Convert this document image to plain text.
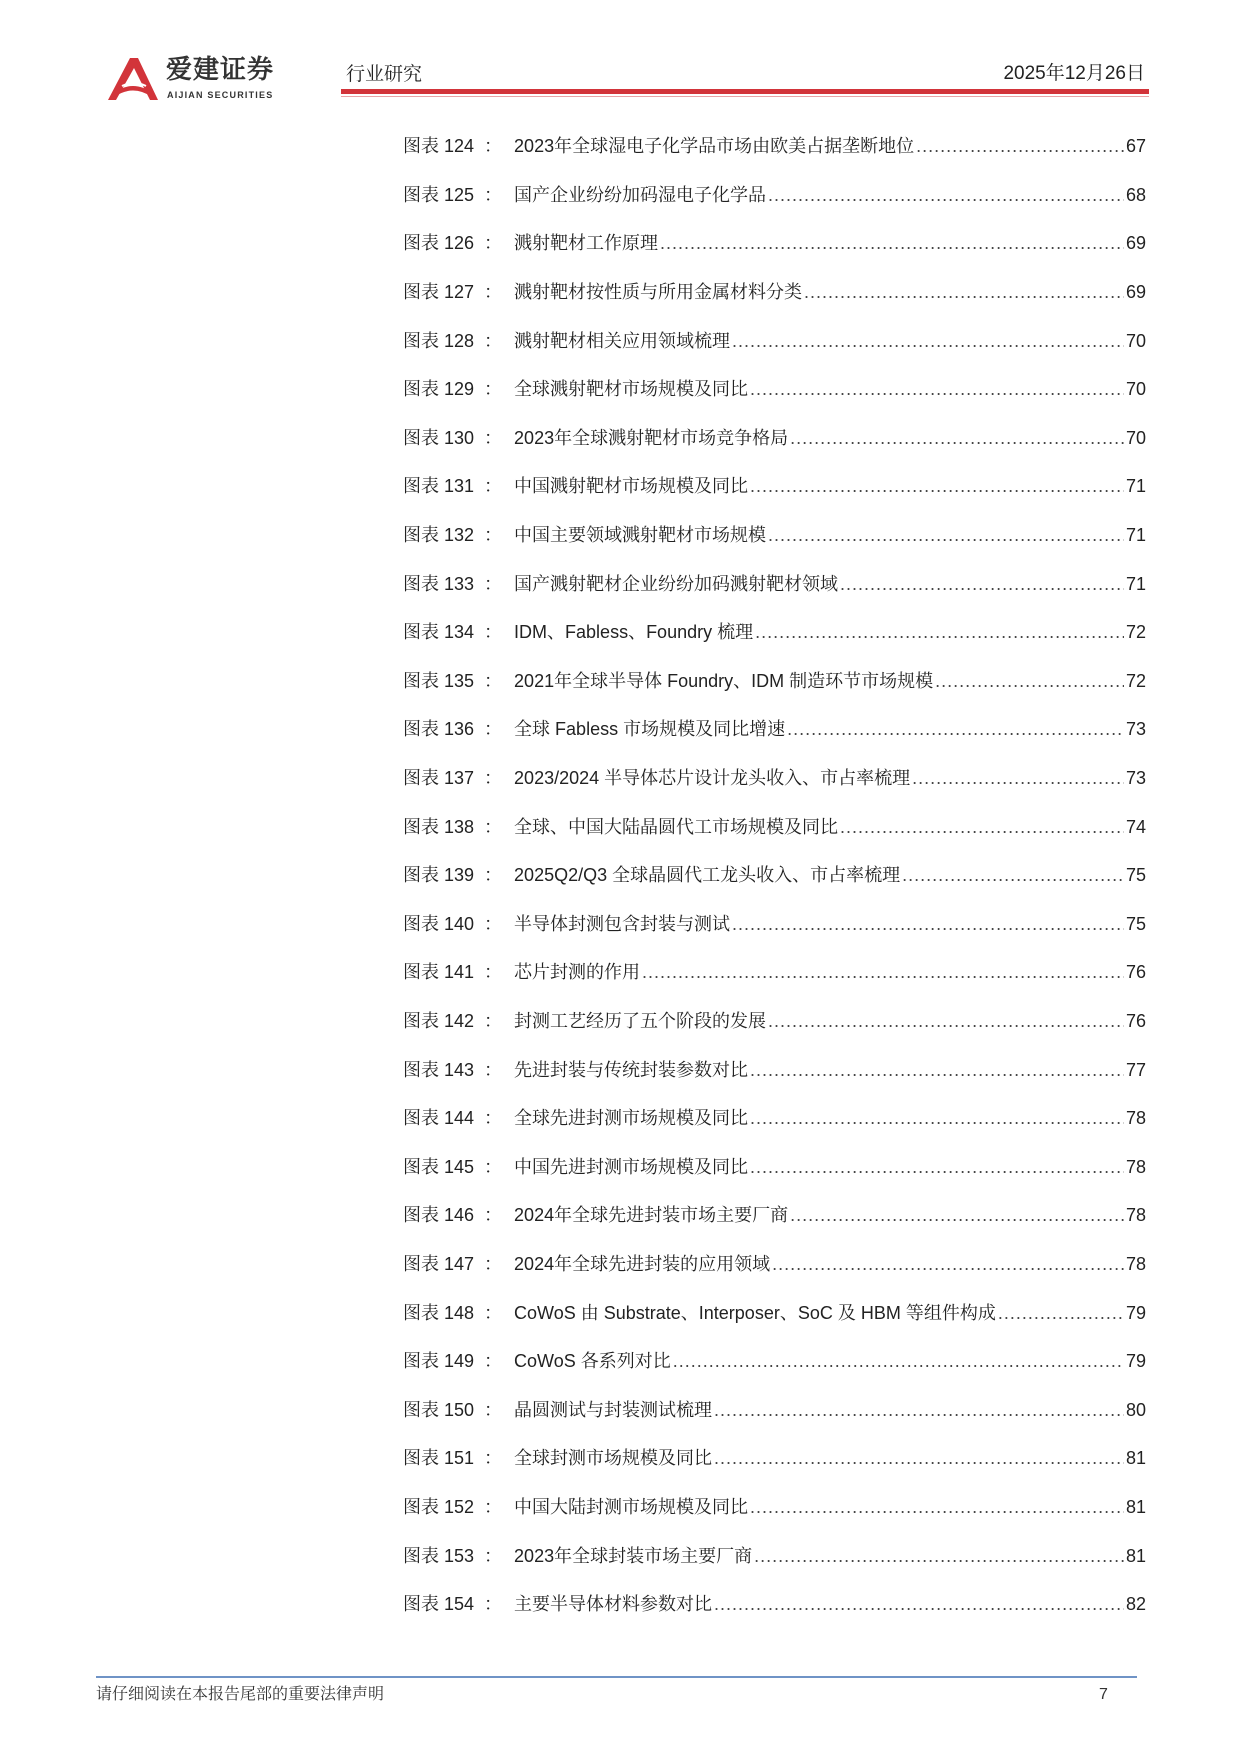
爱建证券
AIJIAN SECURITIES
行业研究	2025年12月26日
图表 124 ： 2023年全球湿电子化学品市场由欧美占据垄断地位 .....	67
图表 125 ： 国产企业纷纷加码湿电子化学品 .....	68
图表 126 ： 溅射靶材工作原理 .....	69
图表 127 ： 溅射靶材按性质与所用金属材料分类 .....	69
图表 128 ： 溅射靶材相关应用领域梳理 .....	70
图表 129 ： 全球溅射靶材市场规模及同比 .....	70
图表 130 ： 2023年全球溅射靶材市场竞争格局 .....	70
图表 131 ： 中国溅射靶材市场规模及同比 .....	71
图表 132 ： 中国主要领域溅射靶材市场规模 .....	71
图表 133 ： 国产溅射靶材企业纷纷加码溅射靶材领域 .....	71
图表 134 ： IDM、Fabless、Foundry 梳理 .....	72
图表 135 ： 2021年全球半导体 Foundry、IDM 制造环节市场规模 .....	72
图表 136 ： 全球 Fabless 市场规模及同比增速 .....	73
图表 137 ： 2023/2024 半导体芯片设计龙头收入、市占率梳理 .....	73
图表 138 ： 全球、中国大陆晶圆代工市场规模及同比 .....	74
图表 139 ： 2025Q2/Q3 全球晶圆代工龙头收入、市占率梳理 .....	75
图表 140 ： 半导体封测包含封装与测试 .....	75
图表 141 ： 芯片封测的作用 .....	76
图表 142 ： 封测工艺经历了五个阶段的发展 .....	76
图表 143 ： 先进封装与传统封装参数对比 .....	77
图表 144 ： 全球先进封测市场规模及同比 .....	78
图表 145 ： 中国先进封测市场规模及同比 .....	78
图表 146 ： 2024年全球先进封装市场主要厂商 .....	78
图表 147 ： 2024年全球先进封装的应用领域 .....	78
图表 148 ： CoWoS 由 Substrate、Interposer、SoC 及 HBM 等组件构成 .....	79
图表 149 ： CoWoS 各系列对比 .....	79
图表 150 ： 晶圆测试与封装测试梳理 .....	80
图表 151 ： 全球封测市场规模及同比 .....	81
图表 152 ： 中国大陆封测市场规模及同比 .....	81
图表 153 ： 2023年全球封装市场主要厂商 .....	81
图表 154 ： 主要半导体材料参数对比 .....	82
请仔细阅读在本报告尾部的重要法律声明	7
